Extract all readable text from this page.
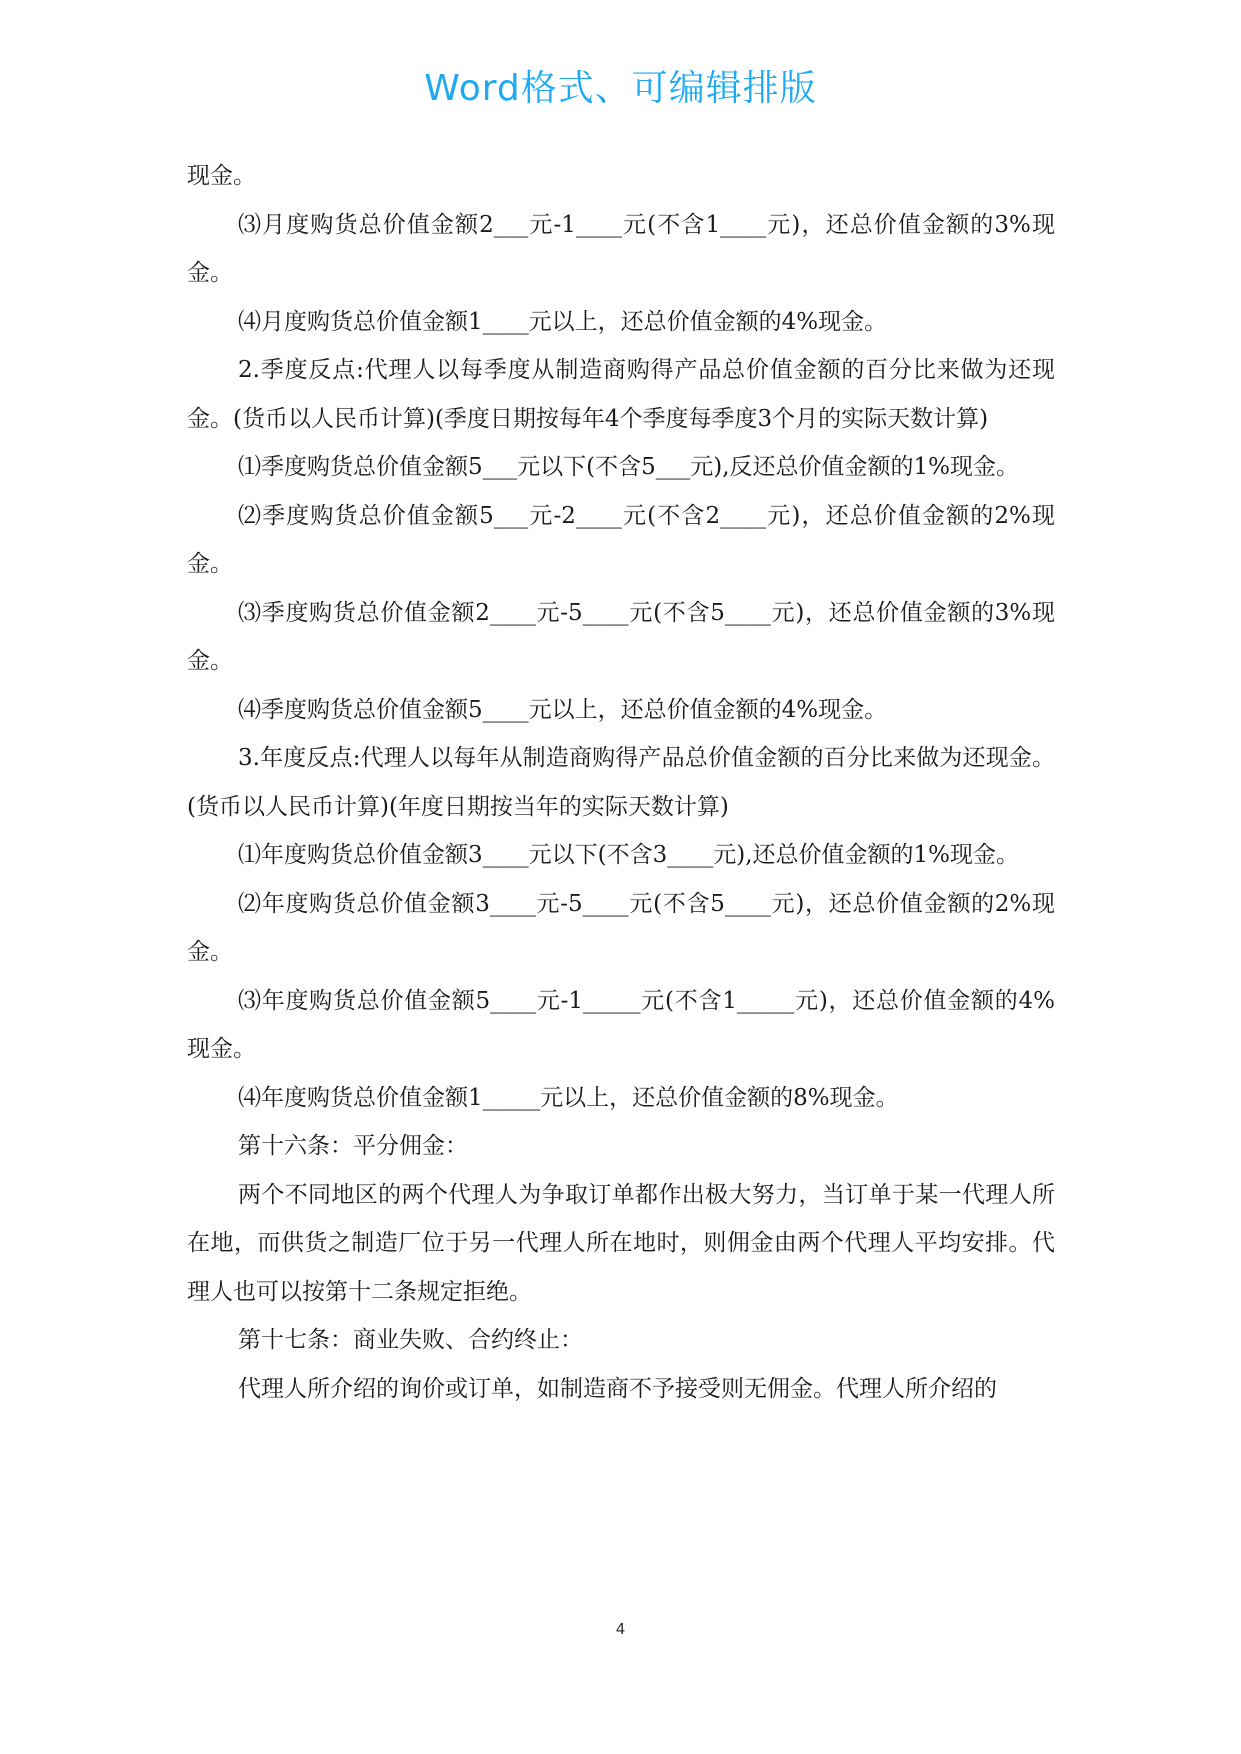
Word格式、可编辑排版

现金。

⑶月度购货总价值金额2___元-1____元(不含1____元)，还总价值金额的3%现金。

⑷月度购货总价值金额1____元以上，还总价值金额的4%现金。

2.季度反点:代理人以每季度从制造商购得产品总价值金额的百分比来做为还现金。(货币以人民币计算)(季度日期按每年4个季度每季度3个月的实际天数计算)

⑴季度购货总价值金额5___元以下(不含5___元),反还总价值金额的1%现金。

⑵季度购货总价值金额5___元-2____元(不含2____元)，还总价值金额的2%现金。

⑶季度购货总价值金额2____元-5____元(不含5____元)，还总价值金额的3%现金。

⑷季度购货总价值金额5____元以上，还总价值金额的4%现金。

3.年度反点:代理人以每年从制造商购得产品总价值金额的百分比来做为还现金。(货币以人民币计算)(年度日期按当年的实际天数计算)

⑴年度购货总价值金额3____元以下(不含3____元),还总价值金额的1%现金。

⑵年度购货总价值金额3____元-5____元(不含5____元)，还总价值金额的2%现金。

⑶年度购货总价值金额5____元-1_____元(不含1_____元)，还总价值金额的4%现金。

⑷年度购货总价值金额1_____元以上，还总价值金额的8%现金。

第十六条：平分佣金：

两个不同地区的两个代理人为争取订单都作出极大努力，当订单于某一代理人所在地，而供货之制造厂位于另一代理人所在地时，则佣金由两个代理人平均安排。代理人也可以按第十二条规定拒绝。

第十七条：商业失败、合约终止：

代理人所介绍的询价或订单，如制造商不予接受则无佣金。代理人所介绍的

4
